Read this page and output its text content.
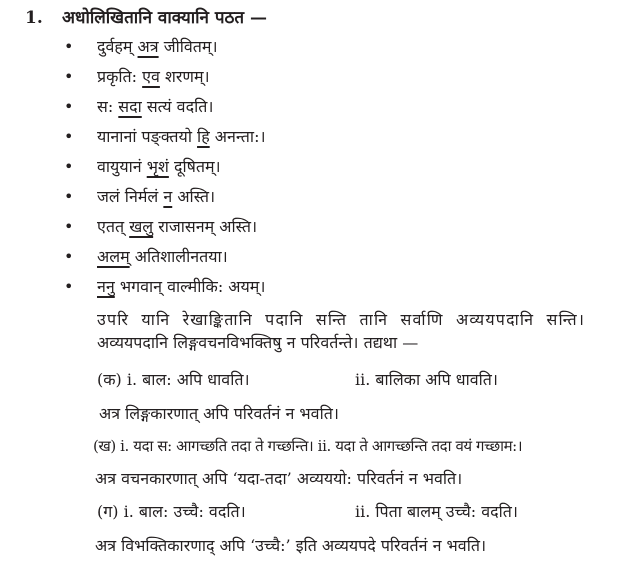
1. अधोलिखितानि वाक्यानि पठत —
• दुर्वहम् अत्र जीवितम्।
• प्रकृति: एव शरणम्।
• स: सदा सत्यं वदति।
• यानानां पङ्क्तयो हि अनन्ता:।
• वायुयानं भृशं दूषितम्।
• जलं निर्मलं न अस्ति।
• एतत् खलु राजासनम् अस्ति।
• अलम् अतिशालीनतया।
• ननु भगवान् वाल्मीकि: अयम्।
उपरि यानि रेखाङ्कितानि पदानि सन्ति तानि सर्वाणि अव्ययपदानि सन्ति।
अव्ययपदानि लिङ्गवचनविभक्तिषु न परिवर्तन्ते। तद्यथा —
(क) i. बाल: अपि धावति।	ii. बालिका अपि धावति।
अत्र लिङ्गकारणात् अपि परिवर्तनं न भवति।
(ख) i. यदा स: आगच्छति तदा ते गच्छन्ति। ii. यदा ते आगच्छन्ति तदा वयं गच्छाम:।
अत्र वचनकारणात् अपि ‘यदा-तदा’ अव्यययो: परिवर्तनं न भवति।
(ग) i. बाल: उच्चै: वदति।	ii. पिता बालम् उच्चै: वदति।
अत्र विभक्तिकारणाद् अपि ‘उच्चै:’ इति अव्ययपदे परिवर्तनं न भवति।
